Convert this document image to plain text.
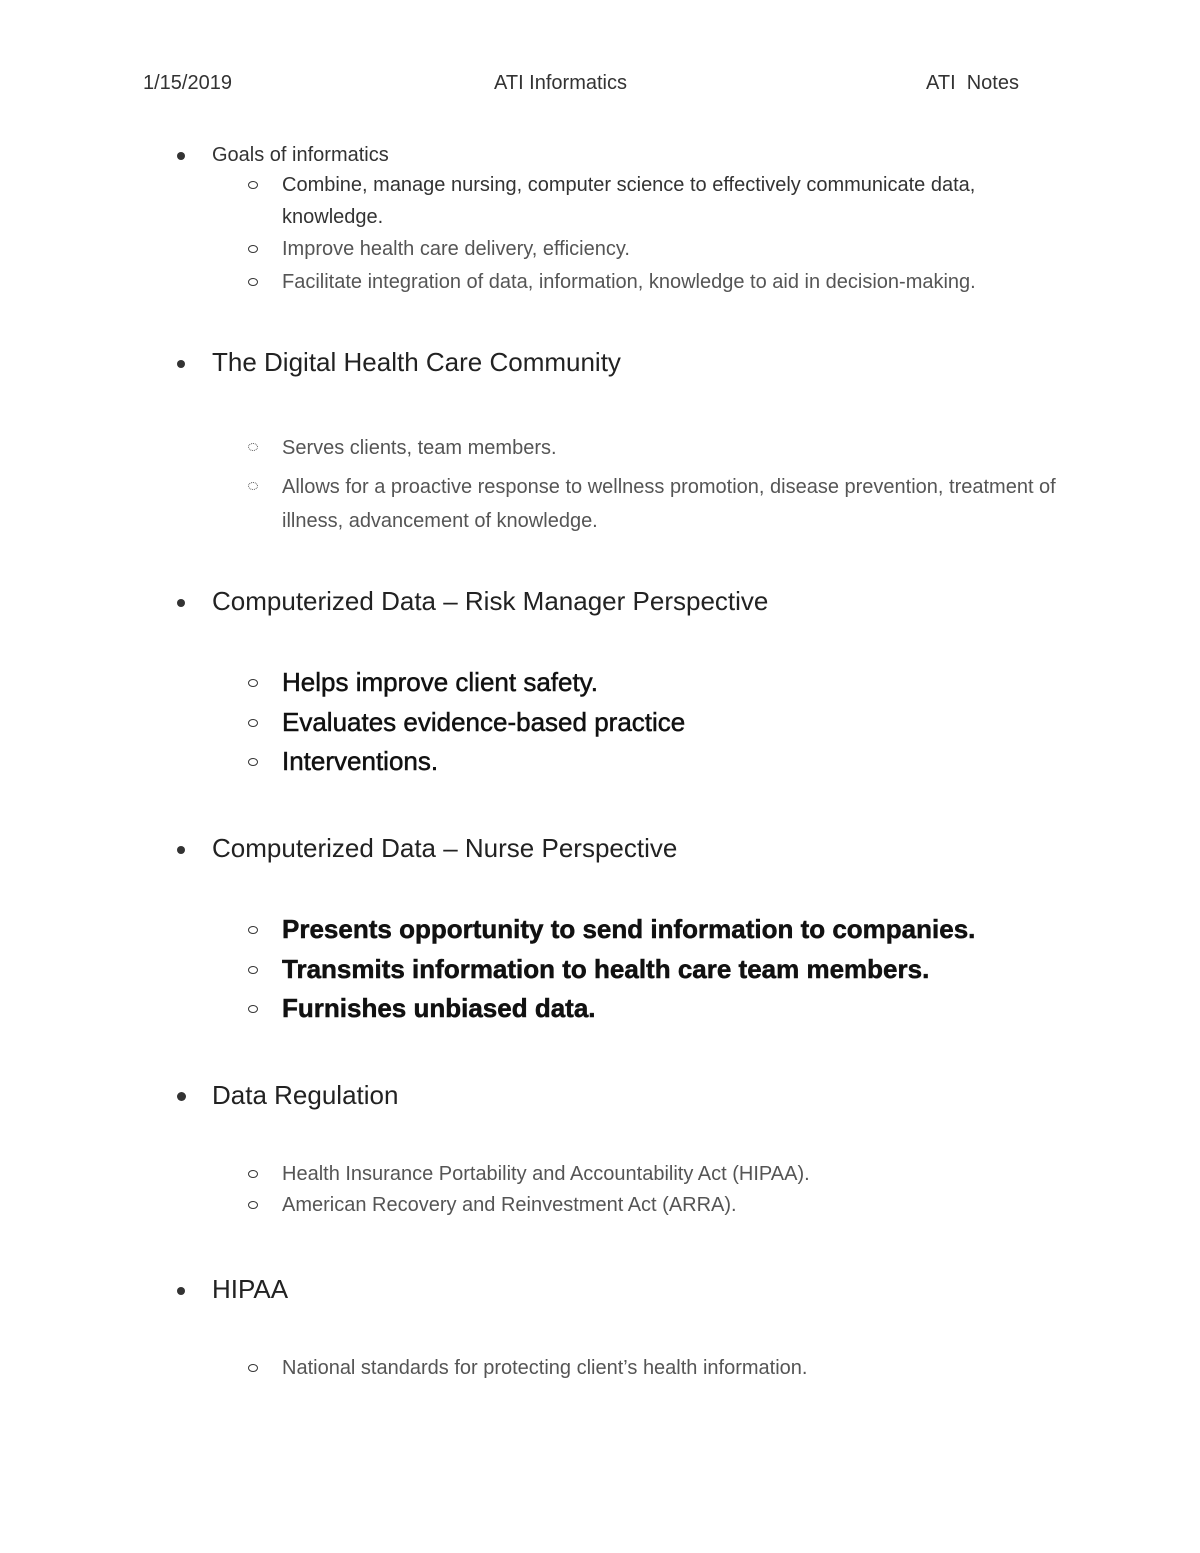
1/15/2019	ATI Informatics	ATI  Notes
Goals of informatics
Combine, manage nursing, computer science to effectively communicate data, knowledge.
Improve health care delivery, efficiency.
Facilitate integration of data, information, knowledge to aid in decision-making.
The Digital Health Care Community
Serves clients, team members.
Allows for a proactive response to wellness promotion, disease prevention, treatment of illness, advancement of knowledge.
Computerized Data – Risk Manager Perspective
Helps improve client safety.
Evaluates evidence-based practice
Interventions.
Computerized Data – Nurse Perspective
Presents opportunity to send information to companies.
Transmits information to health care team members.
Furnishes unbiased data.
Data Regulation
Health Insurance Portability and Accountability Act (HIPAA).
American Recovery and Reinvestment Act (ARRA).
HIPAA
National standards for protecting client’s health information.
